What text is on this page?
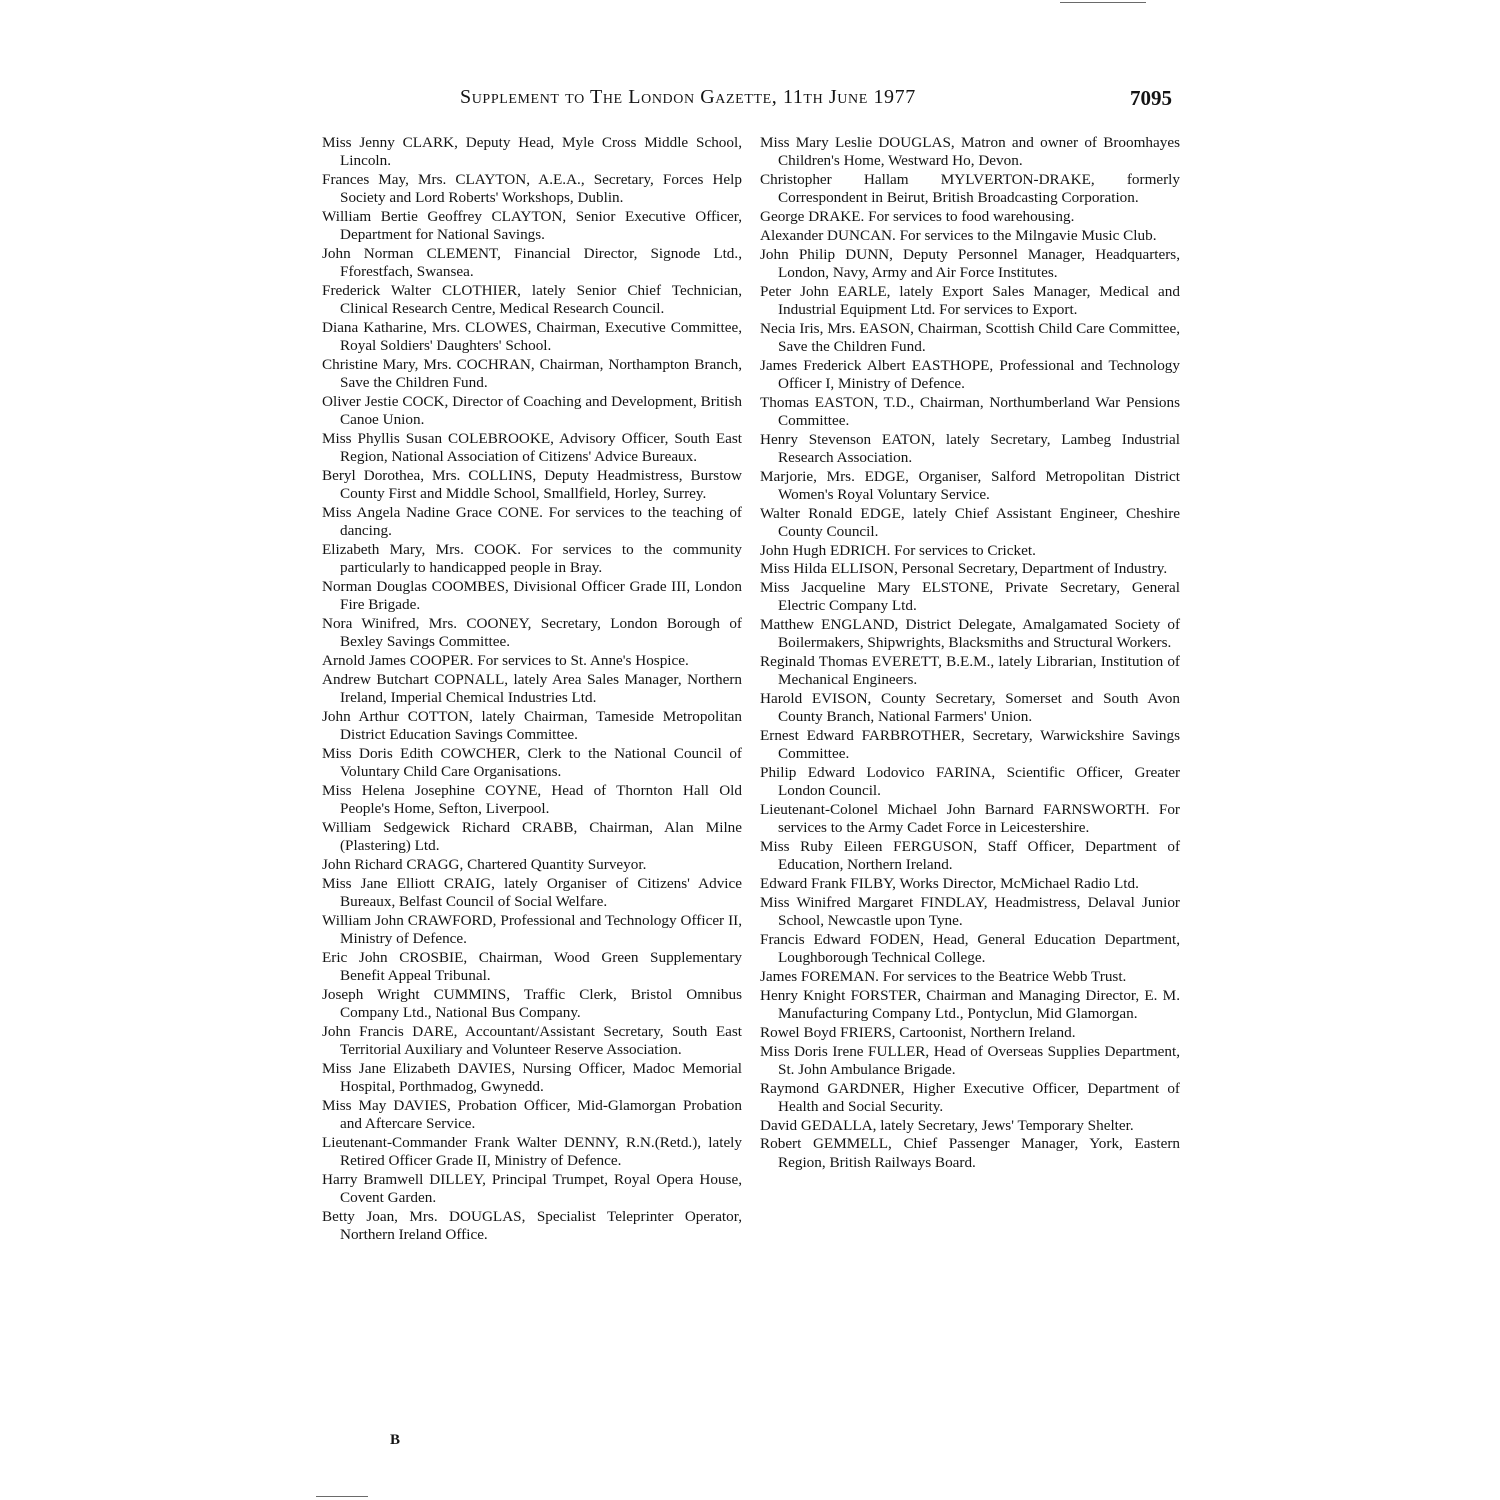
Supplement to The London Gazette, 11th June 1977	7095

Miss Jenny CLARK, Deputy Head, Myle Cross Middle School, Lincoln.

Frances May, Mrs. CLAYTON, A.E.A., Secretary, Forces Help Society and Lord Roberts' Workshops, Dublin.

William Bertie Geoffrey CLAYTON, Senior Executive Officer, Department for National Savings.

John Norman CLEMENT, Financial Director, Signode Ltd., Fforestfach, Swansea.

Frederick Walter CLOTHIER, lately Senior Chief Technician, Clinical Research Centre, Medical Research Council.

Diana Katharine, Mrs. CLOWES, Chairman, Executive Committee, Royal Soldiers' Daughters' School.

Christine Mary, Mrs. COCHRAN, Chairman, Northampton Branch, Save the Children Fund.

Oliver Jestie COCK, Director of Coaching and Development, British Canoe Union.

Miss Phyllis Susan COLEBROOKE, Advisory Officer, South East Region, National Association of Citizens' Advice Bureaux.

Beryl Dorothea, Mrs. COLLINS, Deputy Headmistress, Burstow County First and Middle School, Smallfield, Horley, Surrey.

Miss Angela Nadine Grace CONE. For services to the teaching of dancing.

Elizabeth Mary, Mrs. COOK. For services to the community particularly to handicapped people in Bray.

Norman Douglas COOMBES, Divisional Officer Grade III, London Fire Brigade.

Nora Winifred, Mrs. COONEY, Secretary, London Borough of Bexley Savings Committee.

Arnold James COOPER. For services to St. Anne's Hospice.

Andrew Butchart COPNALL, lately Area Sales Manager, Northern Ireland, Imperial Chemical Industries Ltd.

John Arthur COTTON, lately Chairman, Tameside Metropolitan District Education Savings Committee.

Miss Doris Edith COWCHER, Clerk to the National Council of Voluntary Child Care Organisations.

Miss Helena Josephine COYNE, Head of Thornton Hall Old People's Home, Sefton, Liverpool.

William Sedgewick Richard CRABB, Chairman, Alan Milne (Plastering) Ltd.

John Richard CRAGG, Chartered Quantity Surveyor.

Miss Jane Elliott CRAIG, lately Organiser of Citizens' Advice Bureaux, Belfast Council of Social Welfare.

William John CRAWFORD, Professional and Technology Officer II, Ministry of Defence.

Eric John CROSBIE, Chairman, Wood Green Supplementary Benefit Appeal Tribunal.

Joseph Wright CUMMINS, Traffic Clerk, Bristol Omnibus Company Ltd., National Bus Company.

John Francis DARE, Accountant/Assistant Secretary, South East Territorial Auxiliary and Volunteer Reserve Association.

Miss Jane Elizabeth DAVIES, Nursing Officer, Madoc Memorial Hospital, Porthmadog, Gwynedd.

Miss May DAVIES, Probation Officer, Mid-Glamorgan Probation and Aftercare Service.

Lieutenant-Commander Frank Walter DENNY, R.N.(Retd.), lately Retired Officer Grade II, Ministry of Defence.

Harry Bramwell DILLEY, Principal Trumpet, Royal Opera House, Covent Garden.

Betty Joan, Mrs. DOUGLAS, Specialist Teleprinter Operator, Northern Ireland Office.

Miss Mary Leslie DOUGLAS, Matron and owner of Broomhayes Children's Home, Westward Ho, Devon.

Christopher Hallam MYLVERTON-DRAKE, formerly Correspondent in Beirut, British Broadcasting Corporation.

George DRAKE. For services to food warehousing.

Alexander DUNCAN. For services to the Milngavie Music Club.

John Philip DUNN, Deputy Personnel Manager, Headquarters, London, Navy, Army and Air Force Institutes.

Peter John EARLE, lately Export Sales Manager, Medical and Industrial Equipment Ltd. For services to Export.

Necia Iris, Mrs. EASON, Chairman, Scottish Child Care Committee, Save the Children Fund.

James Frederick Albert EASTHOPE, Professional and Technology Officer I, Ministry of Defence.

Thomas EASTON, T.D., Chairman, Northumberland War Pensions Committee.

Henry Stevenson EATON, lately Secretary, Lambeg Industrial Research Association.

Marjorie, Mrs. EDGE, Organiser, Salford Metropolitan District Women's Royal Voluntary Service.

Walter Ronald EDGE, lately Chief Assistant Engineer, Cheshire County Council.

John Hugh EDRICH. For services to Cricket.

Miss Hilda ELLISON, Personal Secretary, Department of Industry.

Miss Jacqueline Mary ELSTONE, Private Secretary, General Electric Company Ltd.

Matthew ENGLAND, District Delegate, Amalgamated Society of Boilermakers, Shipwrights, Blacksmiths and Structural Workers.

Reginald Thomas EVERETT, B.E.M., lately Librarian, Institution of Mechanical Engineers.

Harold EVISON, County Secretary, Somerset and South Avon County Branch, National Farmers' Union.

Ernest Edward FARBROTHER, Secretary, Warwickshire Savings Committee.

Philip Edward Lodovico FARINA, Scientific Officer, Greater London Council.

Lieutenant-Colonel Michael John Barnard FARNSWORTH. For services to the Army Cadet Force in Leicestershire.

Miss Ruby Eileen FERGUSON, Staff Officer, Department of Education, Northern Ireland.

Edward Frank FILBY, Works Director, McMichael Radio Ltd.

Miss Winifred Margaret FINDLAY, Headmistress, Delaval Junior School, Newcastle upon Tyne.

Francis Edward FODEN, Head, General Education Department, Loughborough Technical College.

James FOREMAN. For services to the Beatrice Webb Trust.

Henry Knight FORSTER, Chairman and Managing Director, E. M. Manufacturing Company Ltd., Pontyclun, Mid Glamorgan.

Rowel Boyd FRIERS, Cartoonist, Northern Ireland.

Miss Doris Irene FULLER, Head of Overseas Supplies Department, St. John Ambulance Brigade.

Raymond GARDNER, Higher Executive Officer, Department of Health and Social Security.

David GEDALLA, lately Secretary, Jews' Temporary Shelter.

Robert GEMMELL, Chief Passenger Manager, York, Eastern Region, British Railways Board.

B
